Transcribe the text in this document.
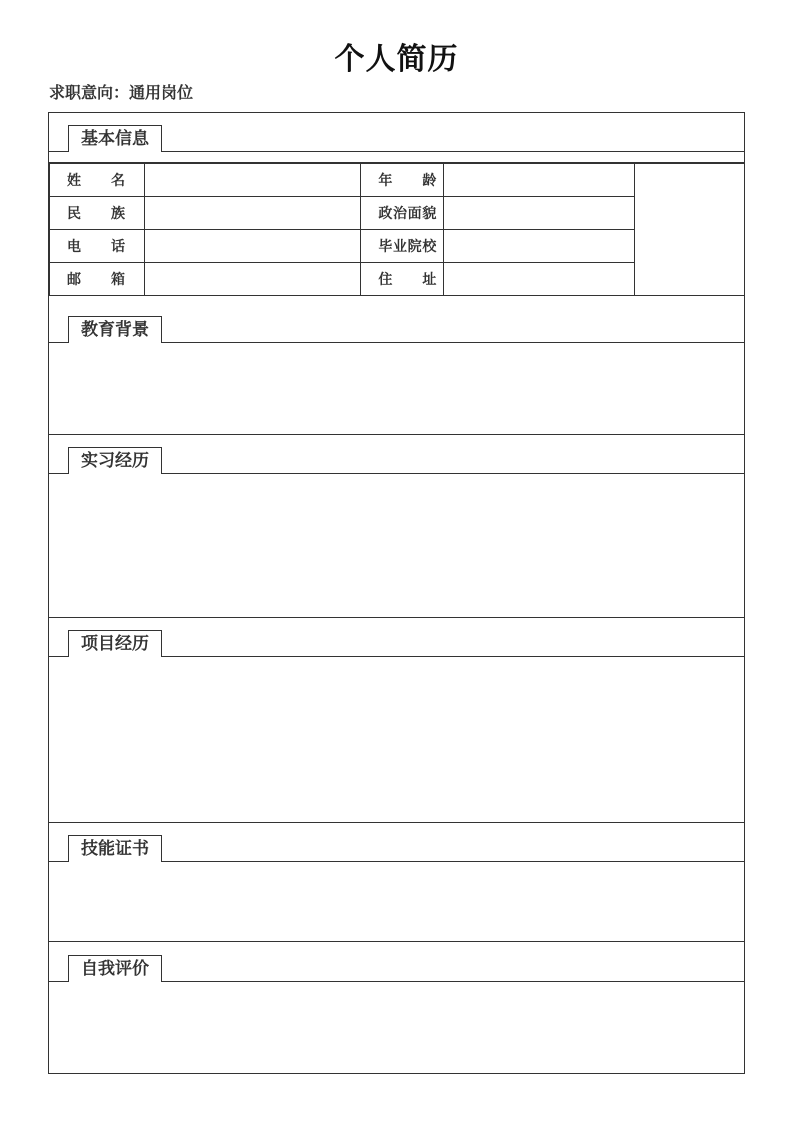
个人简历
求职意向：通用岗位
基本信息
姓　　名		年　　龄		
民　　族		政治面貌		
电　　话		毕业院校		
邮　　箱		住　　址		
教育背景
实习经历
项目经历
技能证书
自我评价
